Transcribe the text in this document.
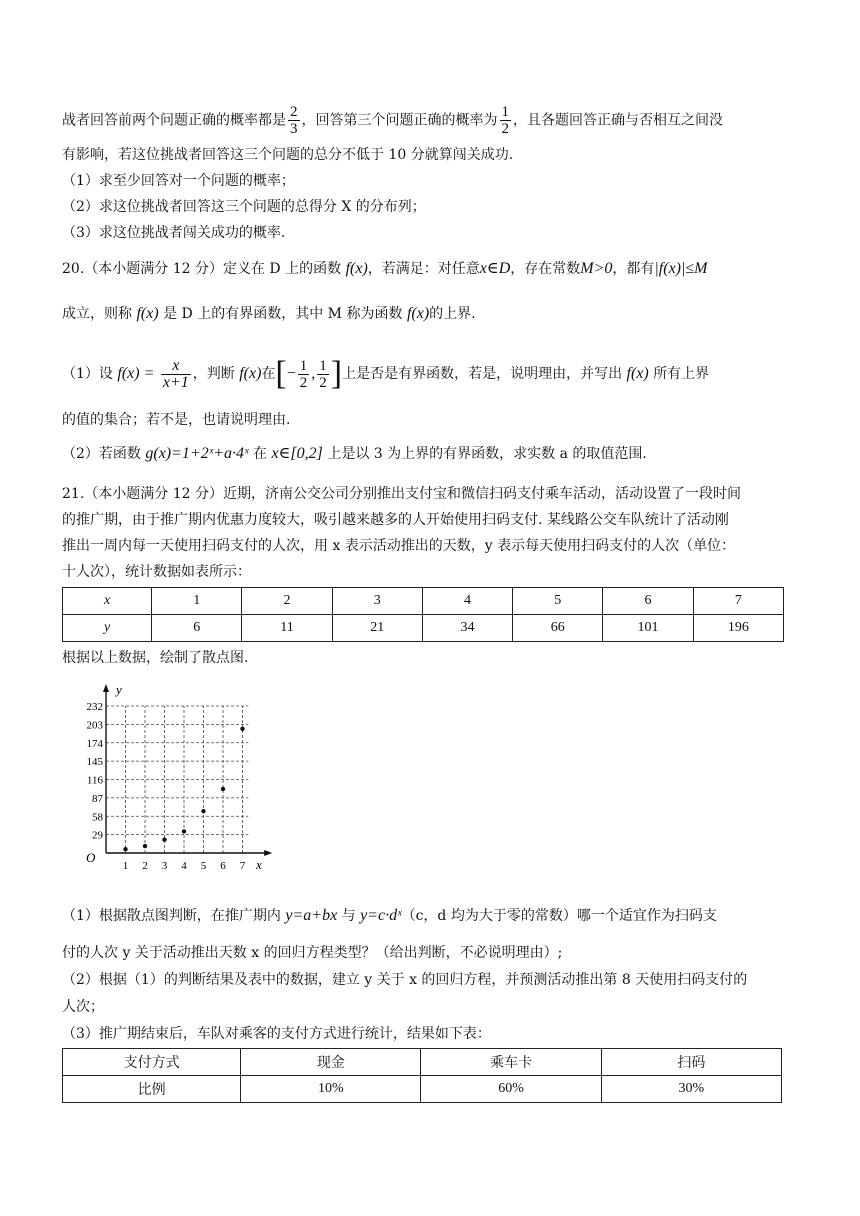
战者回答前两个问题正确的概率都是 $\frac{2}{3}$ ，回答第三个问题正确的概率为 $\frac{1}{2}$ ，且各题回答正确与否相互之间没
有影响，若这位挑战者回答这三个问题的总分不低于 10 分就算闯关成功.
（1）求至少回答对一个问题的概率；
（2）求这位挑战者回答这三个问题的总得分 X 的分布列；
（3）求这位挑战者闯关成功的概率.
20.（本小题满分 12 分）定义在 D 上的函数 f(x)，若满足：对任意x∈D，存在常数M>0，都有|f(x)|≤M
成立，则称 f(x) 是 D 上的有界函数，其中 M 称为函数 f(x)的上界.
（1）设 $f(x) = \frac{x}{x+1}$ ，判断 f(x)在[− $\frac{1}{2}$ , $\frac{1}{2}$ ]上是否是有界函数，若是，说明理由，并写出 f(x) 所有上界
的值的集合；若不是，也请说明理由.
（2）若函数 g(x)=1+2ˣ+a·4ˣ 在 x∈[0,2] 上是以 3 为上界的有界函数，求实数 a 的取值范围.
21.（本小题满分 12 分）近期，济南公交公司分别推出支付宝和微信扫码支付乘车活动，活动设置了一段时间
的推广期，由于推广期内优惠力度较大，吸引越来越多的人开始使用扫码支付. 某线路公交车队统计了活动刚
推出一周内每一天使用扫码支付的人次，用 x 表示活动推出的天数，y 表示每天使用扫码支付的人次（单位：
十人次），统计数据如表所示：
x	1	2	3	4	5	6	7
y	6	11	21	34	66	101	196
根据以上数据，绘制了散点图.
29
58
87
116
145
174
203
232
1 2 3 4 5 6 7
y
x
O
（1）根据散点图判断，在推广期内 y=a+bx 与 y=c·dˣ（c，d 均为大于零的常数）哪一个适宜作为扫码支
付的人次 y 关于活动推出天数 x 的回归方程类型？（给出判断，不必说明理由）;
（2）根据（1）的判断结果及表中的数据，建立 y 关于 x 的回归方程，并预测活动推出第 8 天使用扫码支付的
人次；
（3）推广期结束后，车队对乘客的支付方式进行统计，结果如下表：
支付方式	现金	乘车卡	扫码
比例	10%	60%	30%
